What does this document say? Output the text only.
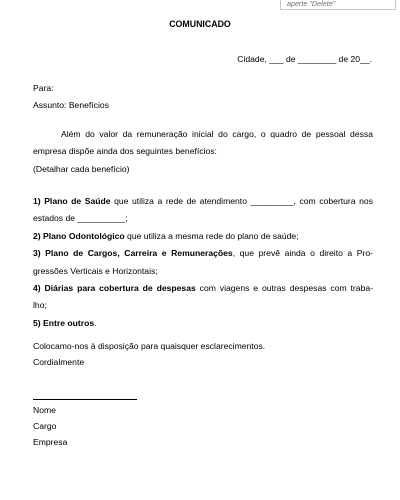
aperte "Delete"
COMUNICADO
Cidade, ___ de ________ de 20__.
Para:
Assunto: Benefícios
Além do valor da remuneração inicial do cargo, o quadro de pessoal dessa
empresa dispõe ainda dos seguintes benefícios:
(Detalhar cada benefício)
1) Plano de Saúde que utiliza a rede de atendimento _________, com cobertura nos
estados de __________;
2) Plano Odontológico que utiliza a mesma rede do plano de saúde;
3) Plano de Cargos, Carreira e Remunerações, que prevê ainda o direito a Pro-
gressões Verticais e Horizontais;
4) Diárias para cobertura de despesas com viagens e outras despesas com traba-
lho;
5) Entre outros.
Colocamo-nos à disposição para quaisquer esclarecimentos.
Cordialmente
Nome
Cargo
Empresa
